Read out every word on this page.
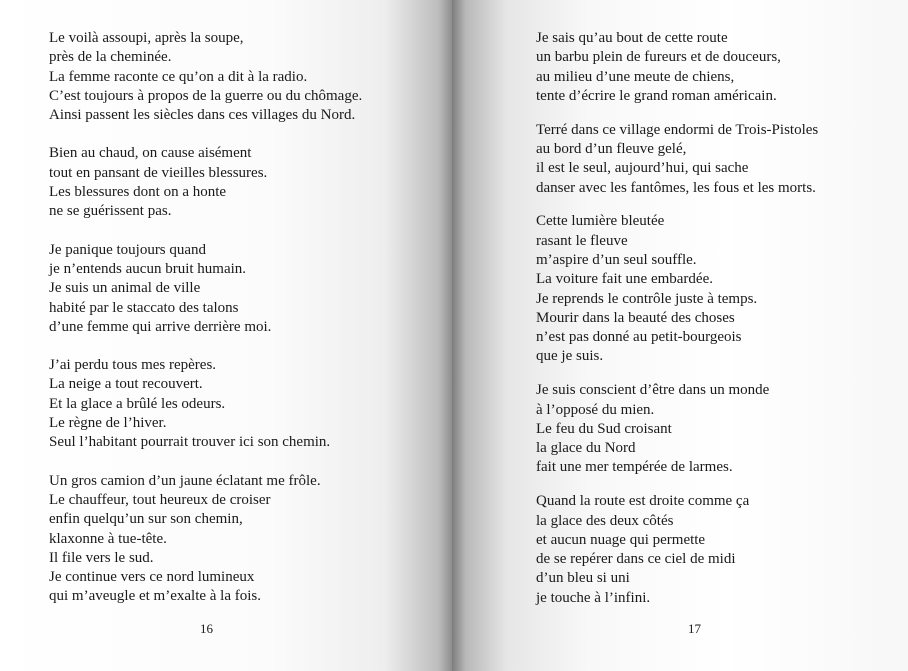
Le voilà assoupi, après la soupe,
près de la cheminée.
La femme raconte ce qu’on a dit à la radio.
C’est toujours à propos de la guerre ou du chômage.
Ainsi passent les siècles dans ces villages du Nord.

Bien au chaud, on cause aisément
tout en pansant de vieilles blessures.
Les blessures dont on a honte
ne se guérissent pas.

Je panique toujours quand
je n’entends aucun bruit humain.
Je suis un animal de ville
habité par le staccato des talons
d’une femme qui arrive derrière moi.

J’ai perdu tous mes repères.
La neige a tout recouvert.
Et la glace a brûlé les odeurs.
Le règne de l’hiver.
Seul l’habitant pourrait trouver ici son chemin.

Un gros camion d’un jaune éclatant me frôle.
Le chauffeur, tout heureux de croiser
enfin quelqu’un sur son chemin,
klaxonne à tue-tête.
Il file vers le sud.
Je continue vers ce nord lumineux
qui m’aveugle et m’exalte à la fois.

16

Je sais qu’au bout de cette route
un barbu plein de fureurs et de douceurs,
au milieu d’une meute de chiens,
tente d’écrire le grand roman américain.

Terré dans ce village endormi de Trois-Pistoles
au bord d’un fleuve gelé,
il est le seul, aujourd’hui, qui sache
danser avec les fantômes, les fous et les morts.

Cette lumière bleutée
rasant le fleuve
m’aspire d’un seul souffle.
La voiture fait une embardée.
Je reprends le contrôle juste à temps.
Mourir dans la beauté des choses
n’est pas donné au petit-bourgeois
que je suis.

Je suis conscient d’être dans un monde
à l’opposé du mien.
Le feu du Sud croisant
la glace du Nord
fait une mer tempérée de larmes.

Quand la route est droite comme ça
la glace des deux côtés
et aucun nuage qui permette
de se repérer dans ce ciel de midi
d’un bleu si uni
je touche à l’infini.

17
